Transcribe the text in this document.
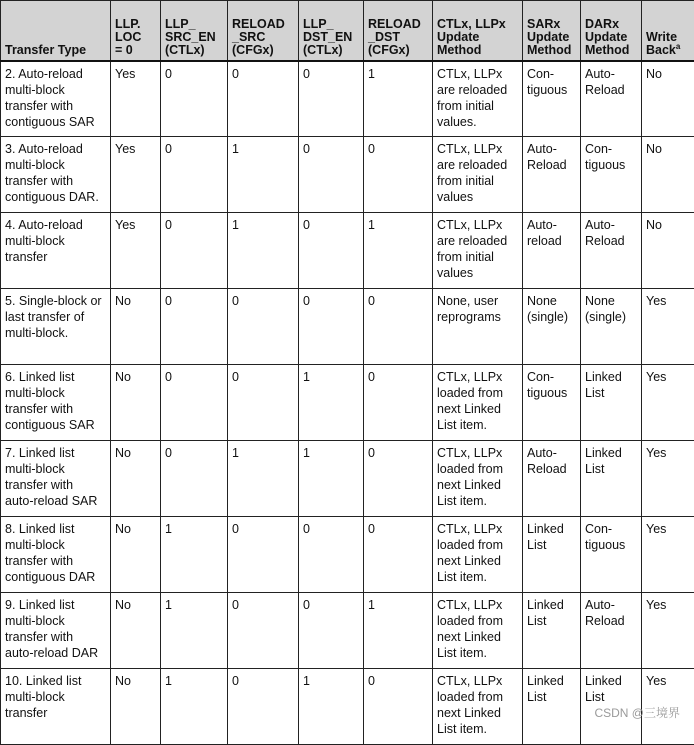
Transfer Type	LLP.
LOC
= 0	LLP_
SRC_EN
(CTLx)	RELOAD
_SRC
(CFGx)	LLP_
DST_EN
(CTLx)	RELOAD
_DST
(CFGx)	CTLx, LLPx
Update
Method	SARx
Update
Method	DARx
Update
Method	Write
Back$^a$

2. Auto-reload
multi-block
transfer with
contiguous SAR	Yes	0	0	0	1	CTLx, LLPx
are reloaded
from initial
values.	Con-
tiguous	Auto-
Reload	No

3. Auto-reload
multi-block
transfer with
contiguous DAR.	Yes	0	1	0	0	CTLx, LLPx
are reloaded
from initial
values	Auto-
Reload	Con-
tiguous	No

4. Auto-reload
multi-block
transfer	Yes	0	1	0	1	CTLx, LLPx
are reloaded
from initial
values	Auto-
reload	Auto-
Reload	No

5. Single-block or
last transfer of
multi-block.	No	0	0	0	0	None, user
reprograms	None
(single)	None
(single)	Yes

6. Linked list
multi-block
transfer with
contiguous SAR	No	0	0	1	0	CTLx, LLPx
loaded from
next Linked
List item.	Con-
tiguous	Linked
List	Yes

7. Linked list
multi-block
transfer with
auto-reload SAR	No	0	1	1	0	CTLx, LLPx
loaded from
next Linked
List item.	Auto-
Reload	Linked
List	Yes

8. Linked list
multi-block
transfer with
contiguous DAR	No	1	0	0	0	CTLx, LLPx
loaded from
next Linked
List item.	Linked
List	Con-
tiguous	Yes

9. Linked list
multi-block
transfer with
auto-reload DAR	No	1	0	0	1	CTLx, LLPx
loaded from
next Linked
List item.	Linked
List	Auto-
Reload	Yes

10. Linked list
multi-block
transfer	No	1	0	1	0	CTLx, LLPx
loaded from
next Linked
List item.	Linked
List	Linked
List	Yes
CSDN @三境界
